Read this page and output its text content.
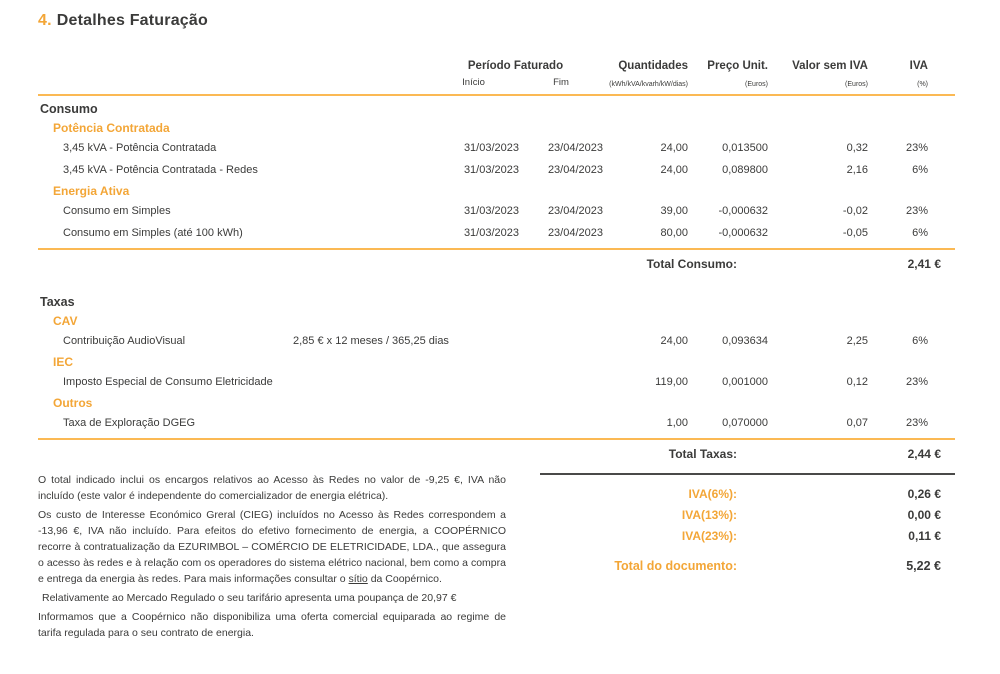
4. Detalhes Faturação
Período Faturado	Quantidades	Preço Unit.	Valor sem IVA	IVA
Início	Fim	(kWh/kVA/kvarh/kW/dias)	(Euros)	(Euros)	(%)
Consumo
Potência Contratada
3,45 kVA - Potência Contratada	31/03/2023	23/04/2023	24,00	0,013500	0,32	23%
3,45 kVA - Potência Contratada - Redes	31/03/2023	23/04/2023	24,00	0,089800	2,16	6%
Energia Ativa
Consumo em Simples	31/03/2023	23/04/2023	39,00	-0,000632	-0,02	23%
Consumo em Simples (até 100 kWh)	31/03/2023	23/04/2023	80,00	-0,000632	-0,05	6%
Total Consumo:	2,41 €
Taxas
CAV
Contribuição AudioVisual	2,85 € x 12 meses / 365,25 dias	24,00	0,093634	2,25	6%
IEC
Imposto Especial de Consumo Eletricidade	119,00	0,001000	0,12	23%
Outros
Taxa de Exploração DGEG	1,00	0,070000	0,07	23%
Total Taxas:	2,44 €

O total indicado inclui os encargos relativos ao Acesso às Redes no valor de -9,25 €, IVA não incluído (este valor é independente do comercializador de energia elétrica).

Os custo de Interesse Económico Greral (CIEG) incluídos no Acesso às Redes correspondem a -13,96 €, IVA não incluído. Para efeitos do efetivo fornecimento de energia, a COOPÉRNICO recorre à contratualização da EZURIMBOL – COMÉRCIO DE ELETRICIDADE, LDA., que assegura o acesso às redes e à relação com os operadores do sistema elétrico nacional, bem como a compra e entrega da energia às redes. Para mais informações consultar o sítio da Coopérnico.

Relativamente ao Mercado Regulado o seu tarifário apresenta uma poupança de 20,97 €

Informamos que a Coopérnico não disponibiliza uma oferta comercial equiparada ao regime de tarifa regulada para o seu contrato de energia.

IVA(6%):	0,26 €
IVA(13%):	0,00 €
IVA(23%):	0,11 €
Total do documento:	5,22 €
